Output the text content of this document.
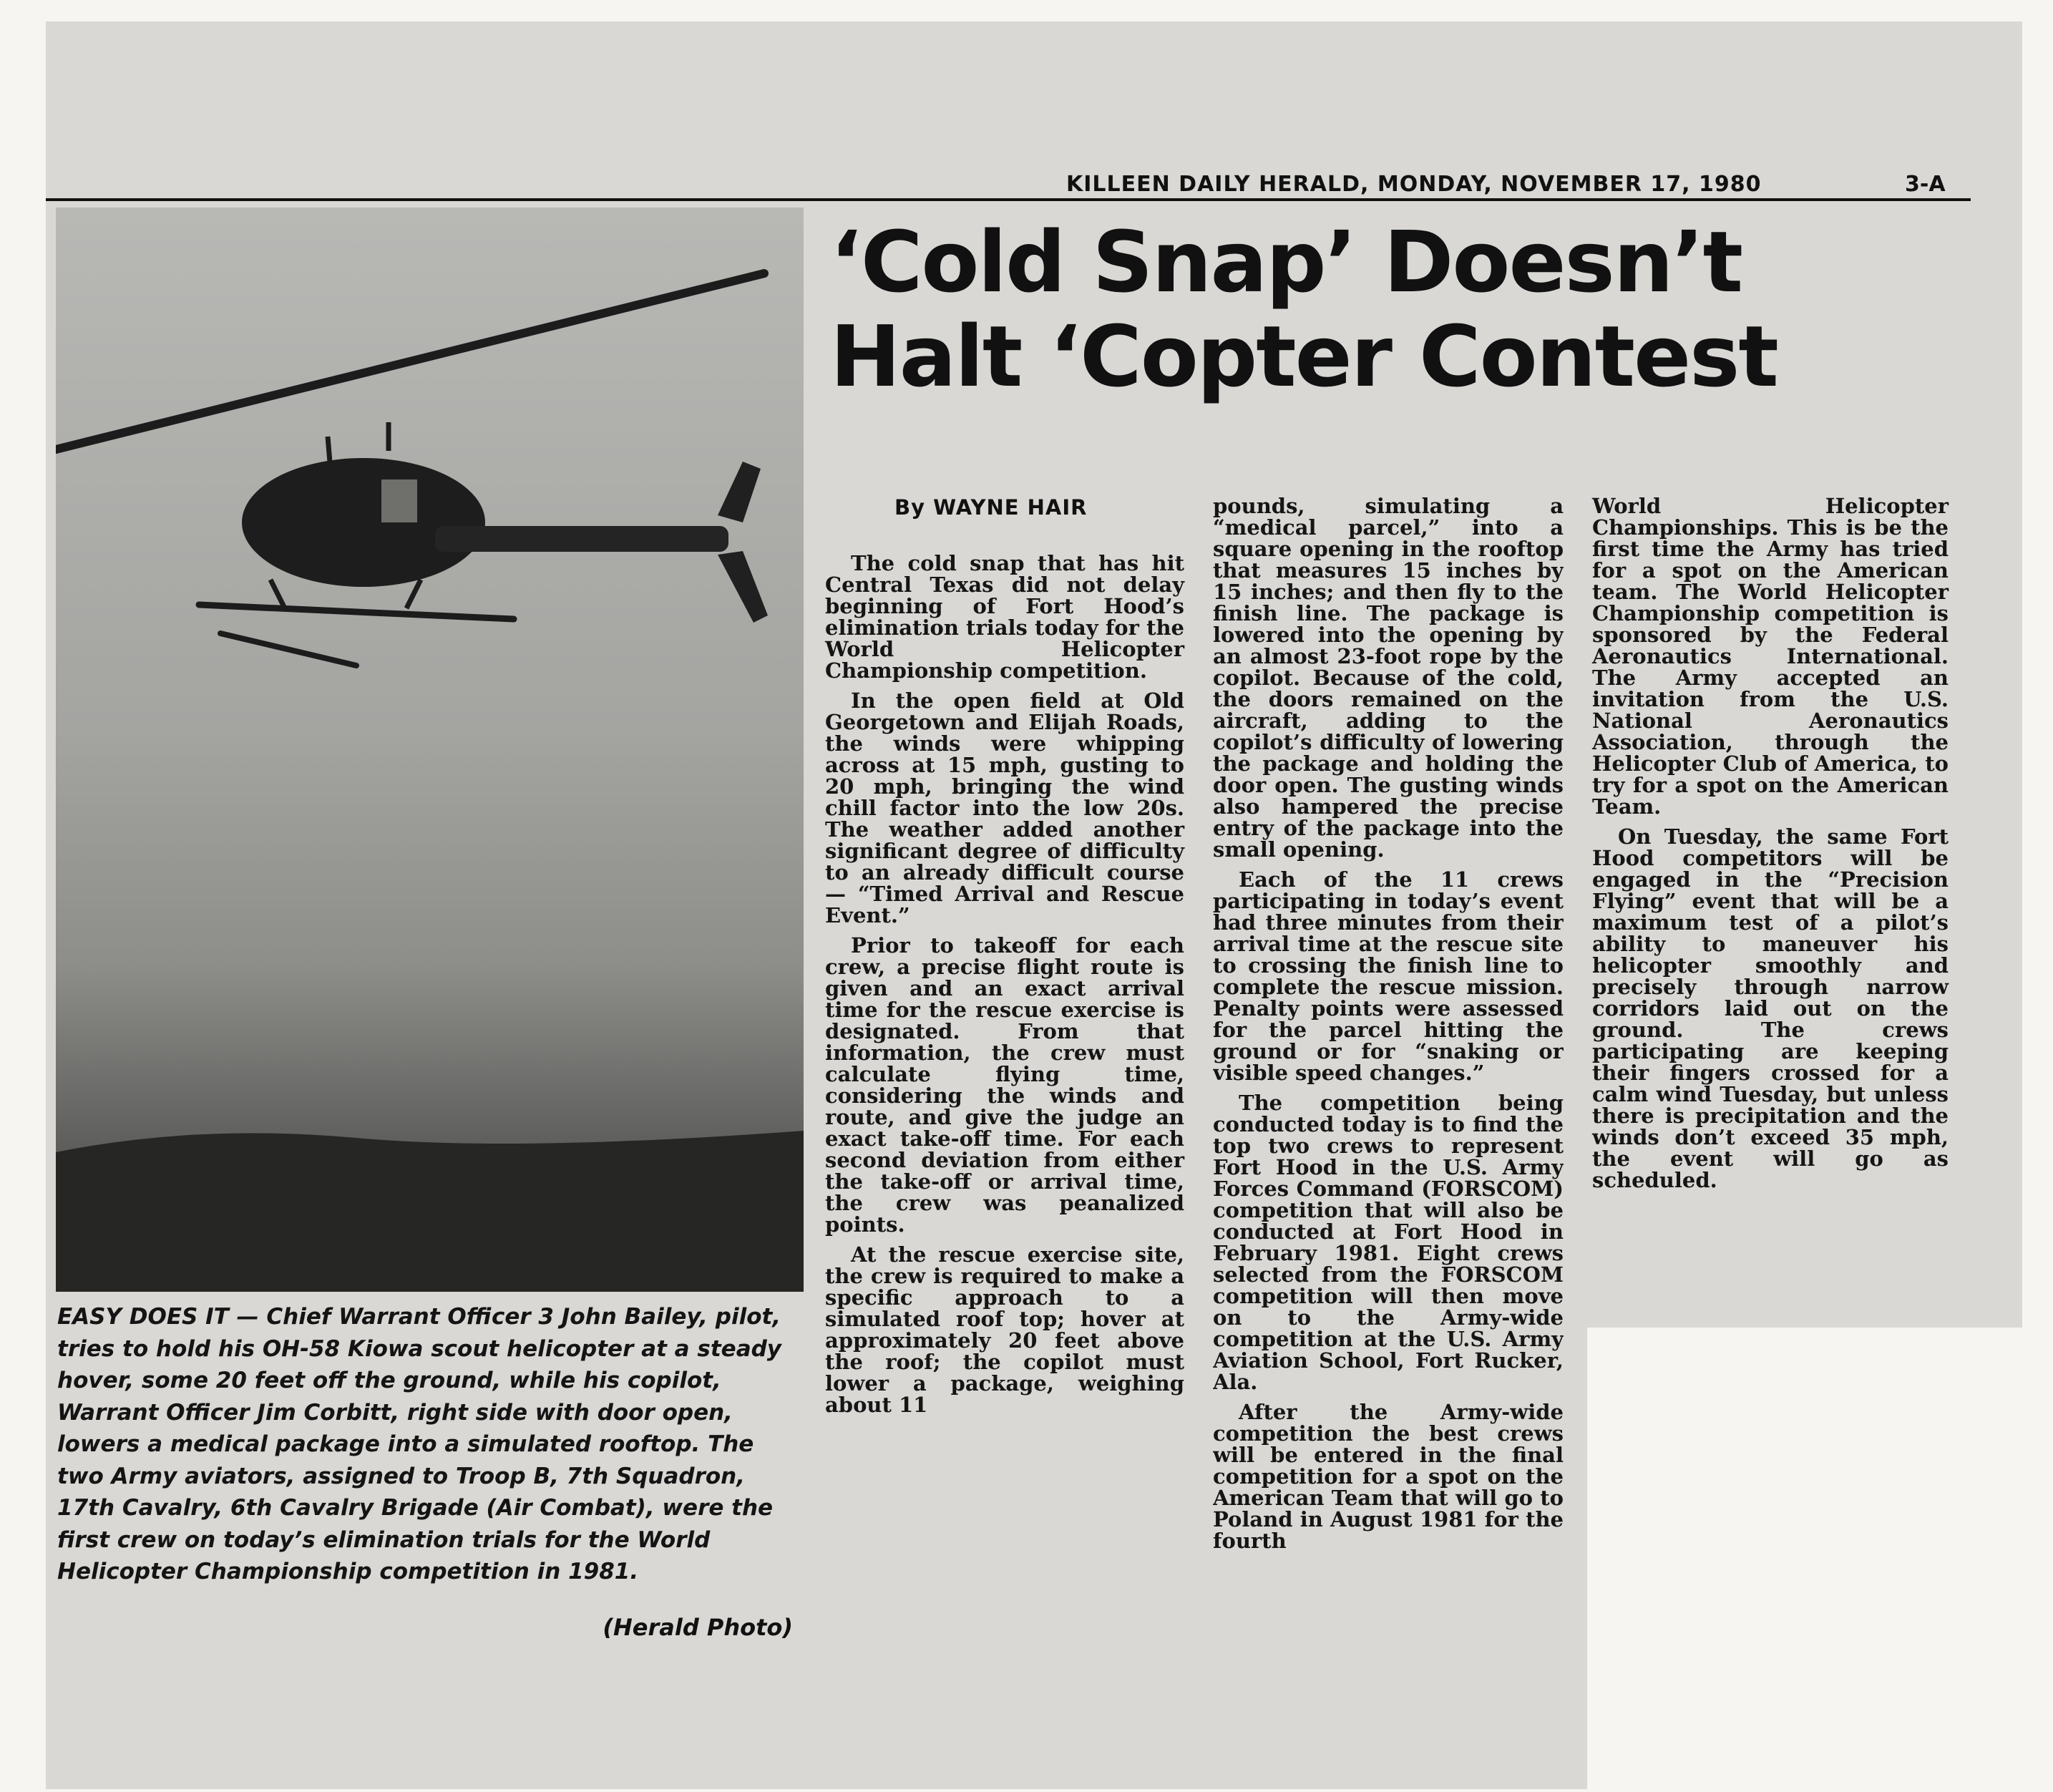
KILLEEN DAILY HERALD, MONDAY, NOVEMBER 17, 1980	3-A
‘Cold Snap’ Doesn’t
Halt ‘Copter Contest
EASY DOES IT — Chief Warrant Officer 3 John Bailey, pilot, tries to hold his OH-58 Kiowa scout helicopter at a steady hover, some 20 feet off the ground, while his copilot, Warrant Officer Jim Corbitt, right side with door open, lowers a medical package into a simulated rooftop. The two Army aviators, assigned to Troop B, 7th Squadron, 17th Cavalry, 6th Cavalry Brigade (Air Combat), were the first crew on today’s elimination trials for the World Helicopter Championship competition in 1981.
(Herald Photo)
By WAYNE HAIR

The cold snap that has hit Central Texas did not delay beginning of Fort Hood’s elimination trials today for the World Helicopter Championship competition.

In the open field at Old Georgetown and Elijah Roads, the winds were whipping across at 15 mph, gusting to 20 mph, bringing the wind chill factor into the low 20s. The weather added another significant degree of difficulty to an already difficult course — “Timed Arrival and Rescue Event.”

Prior to takeoff for each crew, a precise flight route is given and an exact arrival time for the rescue exercise is designated. From that information, the crew must calculate flying time, considering the winds and route, and give the judge an exact take-off time. For each second deviation from either the take-off or arrival time, the crew was peanalized points.

At the rescue exercise site, the crew is required to make a specific approach to a simulated roof top; hover at approximately 20 feet above the roof; the copilot must lower a package, weighing about 11

pounds, simulating a “medical parcel,” into a square opening in the rooftop that measures 15 inches by 15 inches; and then fly to the finish line. The package is lowered into the opening by an almost 23-foot rope by the copilot. Because of the cold, the doors remained on the aircraft, adding to the copilot’s difficulty of lowering the package and holding the door open. The gusting winds also hampered the precise entry of the package into the small opening.

Each of the 11 crews participating in today’s event had three minutes from their arrival time at the rescue site to crossing the finish line to complete the rescue mission. Penalty points were assessed for the parcel hitting the ground or for “snaking or visible speed changes.”

The competition being conducted today is to find the top two crews to represent Fort Hood in the U.S. Army Forces Command (FORSCOM) competition that will also be conducted at Fort Hood in February 1981. Eight crews selected from the FORSCOM competition will then move on to the Army-wide competition at the U.S. Army Aviation School, Fort Rucker, Ala.

After the Army-wide competition the best crews will be entered in the final competition for a spot on the American Team that will go to Poland in August 1981 for the fourth

World Helicopter Championships. This is be the first time the Army has tried for a spot on the American team. The World Helicopter Championship competition is sponsored by the Federal Aeronautics International. The Army accepted an invitation from the U.S. National Aeronautics Association, through the Helicopter Club of America, to try for a spot on the American Team.

On Tuesday, the same Fort Hood competitors will be engaged in the “Precision Flying” event that will be a maximum test of a pilot’s ability to maneuver his helicopter smoothly and precisely through narrow corridors laid out on the ground. The crews participating are keeping their fingers crossed for a calm wind Tuesday, but unless there is precipitation and the winds don’t exceed 35 mph, the event will go as scheduled.
